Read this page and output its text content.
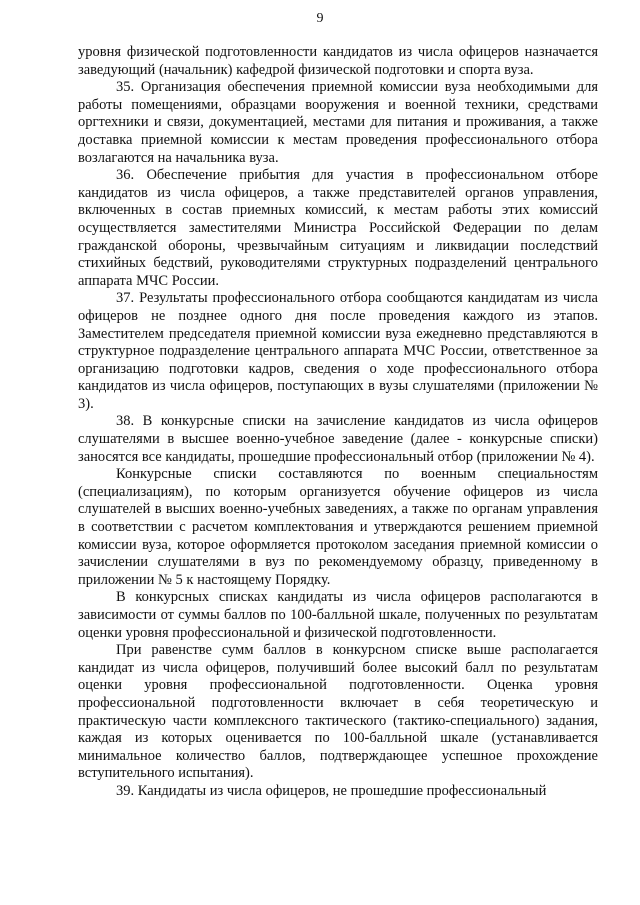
9

уровня физической подготовленности кандидатов из числа офицеров назначается заведующий (начальник) кафедрой физической подготовки и спорта вуза.

35. Организация обеспечения приемной комиссии вуза необходимыми для работы помещениями, образцами вооружения и военной техники, средствами оргтехники и связи, документацией, местами для питания и проживания, а также доставка приемной комиссии к местам проведения профессионального отбора возлагаются на начальника вуза.

36. Обеспечение прибытия для участия в профессиональном отборе кандидатов из числа офицеров, а также представителей органов управления, включенных в состав приемных комиссий, к местам работы этих комиссий осуществляется заместителями Министра Российской Федерации по делам гражданской обороны, чрезвычайным ситуациям и ликвидации последствий стихийных бедствий, руководителями структурных подразделений центрального аппарата МЧС России.

37. Результаты профессионального отбора сообщаются кандидатам из числа офицеров не позднее одного дня после проведения каждого из этапов. Заместителем председателя приемной комиссии вуза ежедневно представляются в структурное подразделение центрального аппарата МЧС России, ответственное за организацию подготовки кадров, сведения о ходе профессионального отбора кандидатов из числа офицеров, поступающих в вузы слушателями (приложении № 3).

38. В конкурсные списки на зачисление кандидатов из числа офицеров слушателями в высшее военно-учебное заведение (далее - конкурсные списки) заносятся все кандидаты, прошедшие профессиональный отбор (приложении № 4).

Конкурсные списки составляются по военным специальностям (специализациям), по которым организуется обучение офицеров из числа слушателей в высших военно-учебных заведениях, а также по органам управления в соответствии с расчетом комплектования и утверждаются решением приемной комиссии вуза, которое оформляется протоколом заседания приемной комиссии о зачислении слушателями в вуз по рекомендуемому образцу, приведенному в приложении № 5 к настоящему Порядку.

В конкурсных списках кандидаты из числа офицеров располагаются в зависимости от суммы баллов по 100-балльной шкале, полученных по результатам оценки уровня профессиональной и физической подготовленности.

При равенстве сумм баллов в конкурсном списке выше располагается кандидат из числа офицеров, получивший более высокий балл по результатам оценки уровня профессиональной подготовленности. Оценка уровня профессиональной подготовленности включает в себя теоретическую и практическую части комплексного тактического (тактико-специального) задания, каждая из которых оценивается по 100-балльной шкале (устанавливается минимальное количество баллов, подтверждающее успешное прохождение вступительного испытания).

39. Кандидаты из числа офицеров, не прошедшие профессиональный
